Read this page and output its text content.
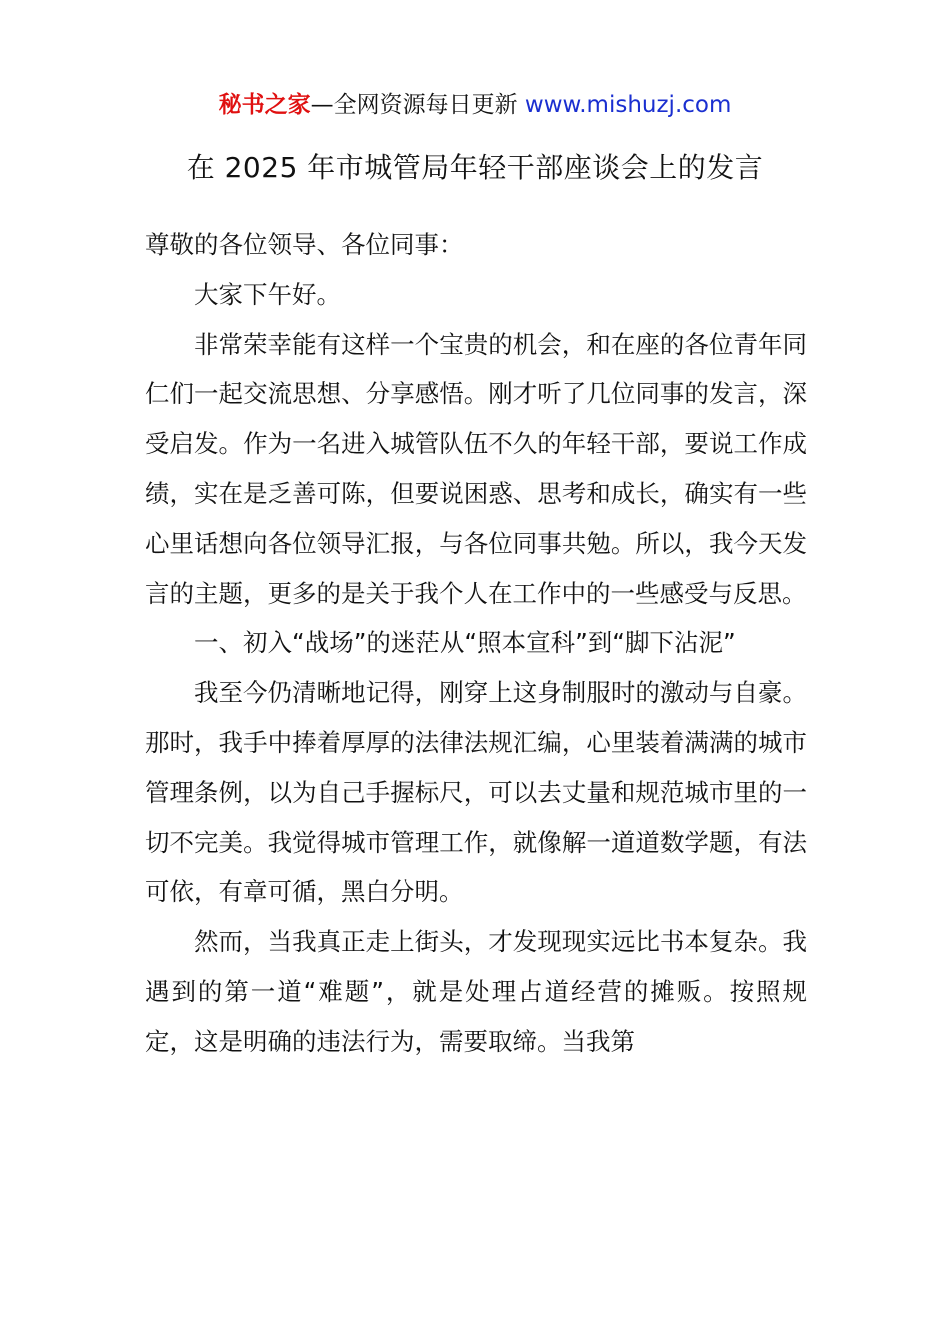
秘书之家—全网资源每日更新 www.mishuzj.com
在 2025 年市城管局年轻干部座谈会上的发言

尊敬的各位领导、各位同事：

大家下午好。

非常荣幸能有这样一个宝贵的机会，和在座的各位青年同仁们一起交流思想、分享感悟。刚才听了几位同事的发言，深受启发。作为一名进入城管队伍不久的年轻干部，要说工作成绩，实在是乏善可陈，但要说困惑、思考和成长，确实有一些心里话想向各位领导汇报，与各位同事共勉。所以，我今天发言的主题，更多的是关于我个人在工作中的一些感受与反思。

一、初入“战场”的迷茫从“照本宣科”到“脚下沾泥”

我至今仍清晰地记得，刚穿上这身制服时的激动与自豪。那时，我手中捧着厚厚的法律法规汇编，心里装着满满的城市管理条例，以为自己手握标尺，可以去丈量和规范城市里的一切不完美。我觉得城市管理工作，就像解一道道数学题，有法可依，有章可循，黑白分明。

然而，当我真正走上街头，才发现现实远比书本复杂。我遇到的第一道“难题”，就是处理占道经营的摊贩。按照规定，这是明确的违法行为，需要取缔。当我第
